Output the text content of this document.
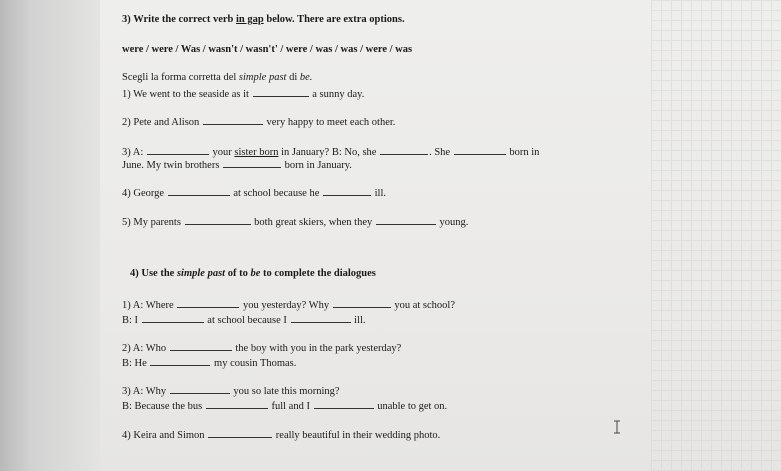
3) Write the correct verb in gap below. There are extra options.
were / were / Was / wasn't / wasn't' / were / was / was / were / was
Scegli la forma corretta del simple past di be.
1) We went to the seaside as it	a sunny day.
2) Pete and Alison	very happy to meet each other.
3) A:	your sister born in January? B: No, she	. She	born in
June. My twin brothers	born in January.
4) George	at school because he	ill.
5) My parents	both great skiers, when they	young.
4) Use the simple past of to be to complete the dialogues
1) A: Where	you yesterday? Why	you at school?
B: I	at school because I	ill.
2) A: Who	the boy with you in the park yesterday?
B: He	my cousin Thomas.
3) A: Why	you so late this morning?
B: Because the bus	full and I	unable to get on.
4) Keira and Simon	really beautiful in their wedding photo.
